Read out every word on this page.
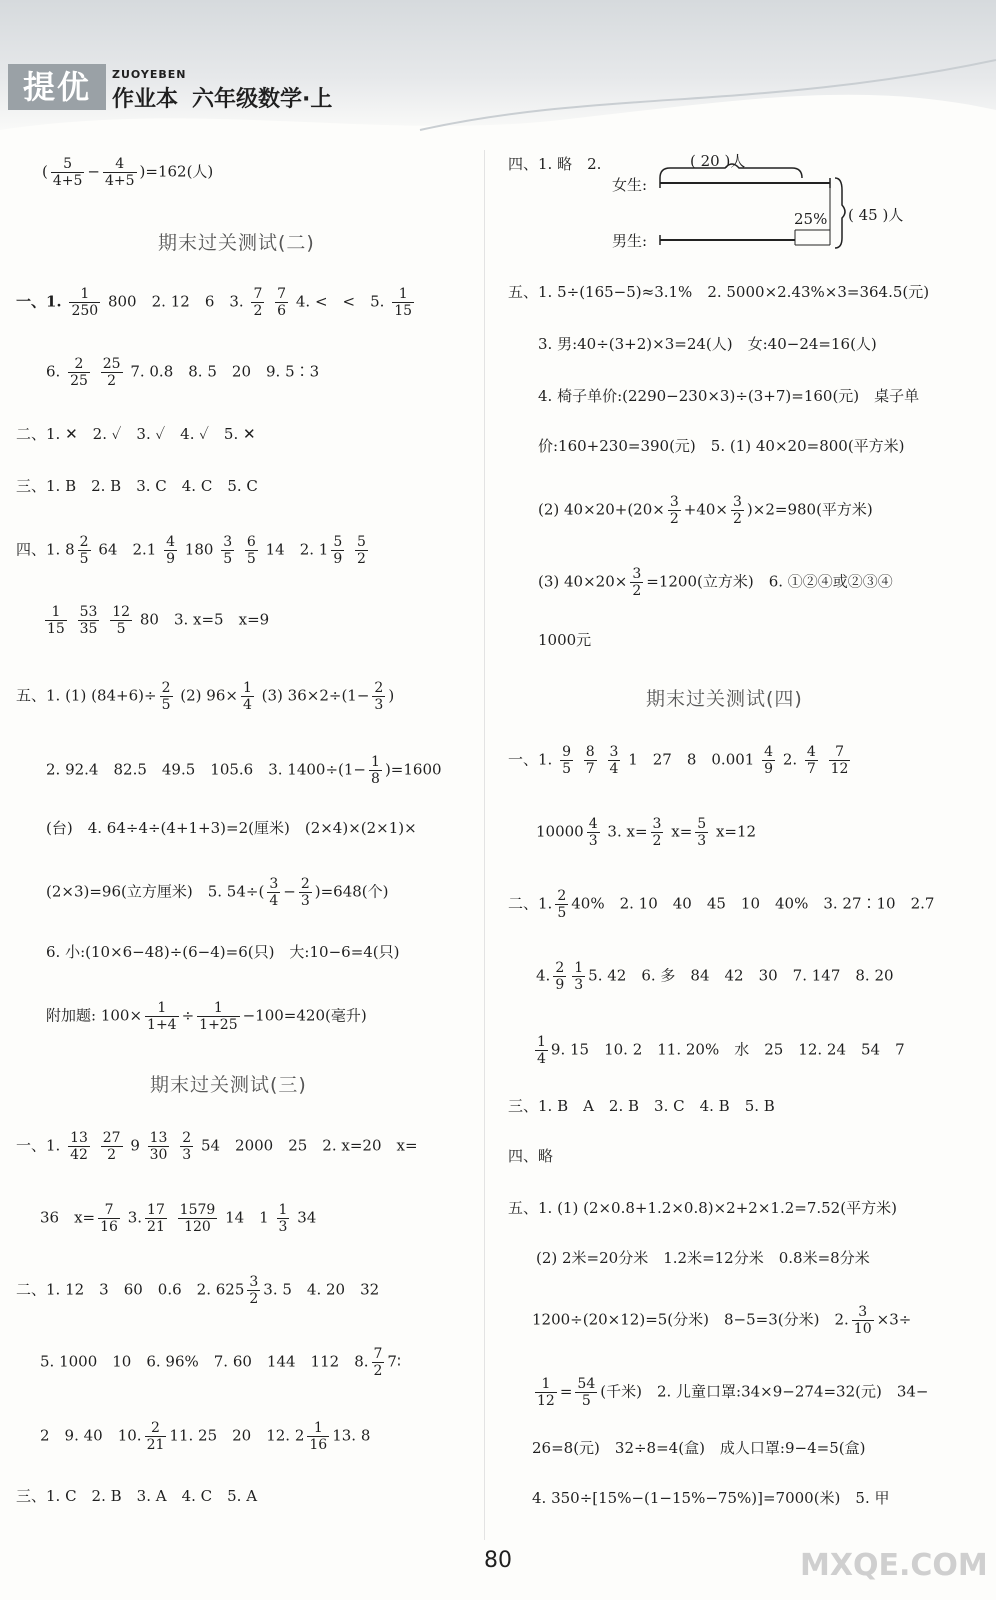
提优	ZUOYEBEN
作业本 六年级数学·上
( $\frac{5}{4+5} - \frac{4}{4+5} )=162$(人)
期末过关测试(二)
一、1. $\frac{1}{250} 800$　 2. 12　 6　 3. $\frac{7}{2}$
$\frac{7}{6} 4$. <　 <　 5. $\frac{1}{15}$
6. $\frac{2}{25}$
$\frac{25}{2} 7$. 0.8　 8. 5　 20　 9. 5∶3
二、1. ✕　2. ✓　3. ✓　4. ✓　5. ✕
三、1. B　2. B　3. C　4. C　5. C
四、1. $8 \frac{2}{5} 64$　 $2.1 \frac{4}{9} 180 \frac{3}{5}$
$\frac{6}{5} 14$　 2. $1 \frac{5}{9}$
$\frac{5}{2}$
$\frac{1}{15}$
$\frac{53}{35}$
$\frac{12}{5} 80$　 3. x=5　 x=9
五、1. (1) $(84+6)\div \frac{2}{5} (2)$ $96\times \frac{1}{4} (3)$ $36\times 2\div(1- \frac{2}{3}$ )
2. 92.4　82.5　49.5　105.6　3. $1400\div(1- \frac{1}{8} )=1600$
(台)　4. 64÷4÷(4+1+3)=2(厘米)　(2×4)×(2×1)×
(2×3)=96(立方厘米)　5. $54\div( \frac{3}{4} - \frac{2}{3} )=648$(个)
6. 小:(10×6−48)÷(6−4)=6(只)　大:10−6=4(只)
附加题: $100\times \frac{1}{1+4} \div \frac{1}{1+25} -100=420$(毫升)
期末过关测试(三)
一、1. $\frac{13}{42}$
$\frac{27}{2} 9 \frac{13}{30}$
$\frac{2}{3} 54$　2000　25　2. x=20　x=
36　$x= \frac{7}{16} 3$. $\frac{17}{21}$
$\frac{1579}{120} 14$　$1 \frac{1}{3} 34$
二、1. 12　3　60　0.6　2. $625 \frac{3}{2} 3$. 5　4. 20　32
5. 1000　10　6. 96%　7. 60　144　112　8. $\frac{7}{2}$ 7∶
2　9. 40　10. $\frac{2}{21} 11$. 25　20　12. $2 \frac{1}{16} 13$. 8
三、1. C　2. B　3. A　4. C　5. A
四、1. 略　2.	( 20 )人
女生:
男生:
25% ( 45 )人
五、1. 5÷(165−5)≈3.1%　2. 5000×2.43%×3=364.5(元)
3. 男:40÷(3+2)×3=24(人)　女:40−24=16(人)
4. 椅子单价:(2290−230×3)÷(3+7)=160(元)　桌子单
价:160+230=390(元)　5. (1) 40×20=800(平方米)
(2) $40\times 20+(20\times \frac{3}{2} +40\times \frac{3}{2} )\times 2=980$(平方米)
(3) $40\times 20\times \frac{3}{2} =1200$(立方米)　6. ①②④或②③④
1000元
期末过关测试(四)
一、1. $\frac{9}{5}$
$\frac{8}{7}$
$\frac{3}{4} 1$　27　8　$0.001 \frac{4}{9} 2$. $\frac{4}{7}$
$\frac{7}{12}$
$10000 \frac{4}{3} 3$. $x= \frac{3}{2} x= \frac{5}{3} x=12$
二、1. $\frac{2}{5} 40\%$　2. 10　40　45　10　40%　3. 27∶10　2.7
4. $\frac{2}{9} \frac{1}{3} 5$. 42　6. 多　84　42　30　7. 147　8. 20
$\frac{1}{4} 9$. 15　10. 2　11. 20%　水　25　12. 24　54　7
三、1. B　A　2. B　3. C　4. B　5. B
四、略
五、1. (1) (2×0.8+1.2×0.8)×2+2×1.2=7.52(平方米)
(2) 2米=20分米　1.2米=12分米　0.8米=8分米
1200÷(20×12)=5(分米)　8−5=3(分米)　2. $\frac{3}{10} \times 3\div$
$\frac{1}{12} = \frac{54}{5}$ (千米)　2. 儿童口罩:34×9−274=32(元)　34−
26=8(元)　32÷8=4(盒)　成人口罩:9−4=5(盒)
4. 350÷[15%−(1−15%−75%)]=7000(米)　5. 甲
MXQE.COM
80
